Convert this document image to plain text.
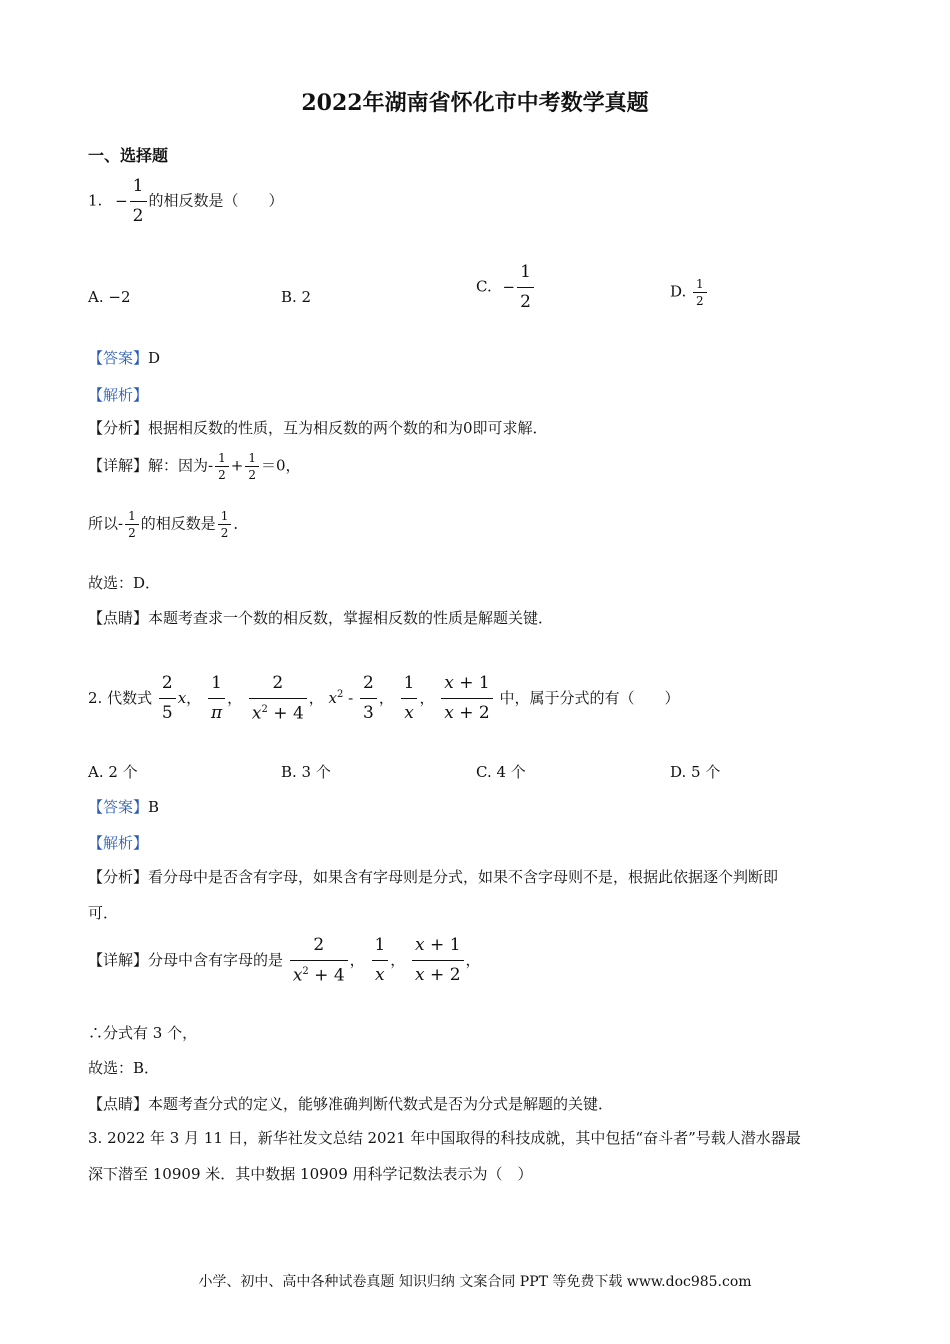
2022年湖南省怀化市中考数学真题
一、选择题
1. − $\frac{1}{2}$ 的相反数是（　　）
A. −2	B. 2
C. − $\frac{1}{2}$	D. $\frac{1}{2}$
【答案】D
【解析】
【分析】根据相反数的性质，互为相反数的两个数的和为0即可求解．
【详解】解：因为- $\frac{1}{2} + \frac{1}{2} =0$，
所以- $\frac{1}{2}$ 的相反数是 $\frac{1}{2}$ ．
故选：D．
【点睛】本题考查求一个数的相反数，掌握相反数的性质是解题关键．
2. 代数式 $\frac{2}{5}$ x， $\frac{1}{\pi}$ ， $\frac{2}{x^2 + 4}$ ， $x^2 - \frac{2}{3}$ ， $\frac{1}{x}$ ， $\frac{x + 1}{x + 2}$ 中，属于分式的有（　　）
A. 2 个	B. 3 个	C. 4 个	D. 5 个
【答案】B
【解析】
【分析】看分母中是否含有字母，如果含有字母则是分式，如果不含字母则不是，根据此依据逐个判断即
可．
【详解】分母中含有字母的是 $\frac{2}{x^2 + 4}$ ， $\frac{1}{x}$ ， $\frac{x + 1}{x + 2}$ ，
∴分式有 3 个，
故选：B．
【点睛】本题考查分式的定义，能够准确判断代数式是否为分式是解题的关键．
3. 2022 年 3 月 11 日，新华社发文总结 2021 年中国取得的科技成就，其中包括“奋斗者”号载人潜水器最
深下潜至 10909 米．其中数据 10909 用科学记数法表示为（　）
小学、初中、高中各种试卷真题 知识归纳 文案合同 PPT 等免费下载 www.doc985.com
